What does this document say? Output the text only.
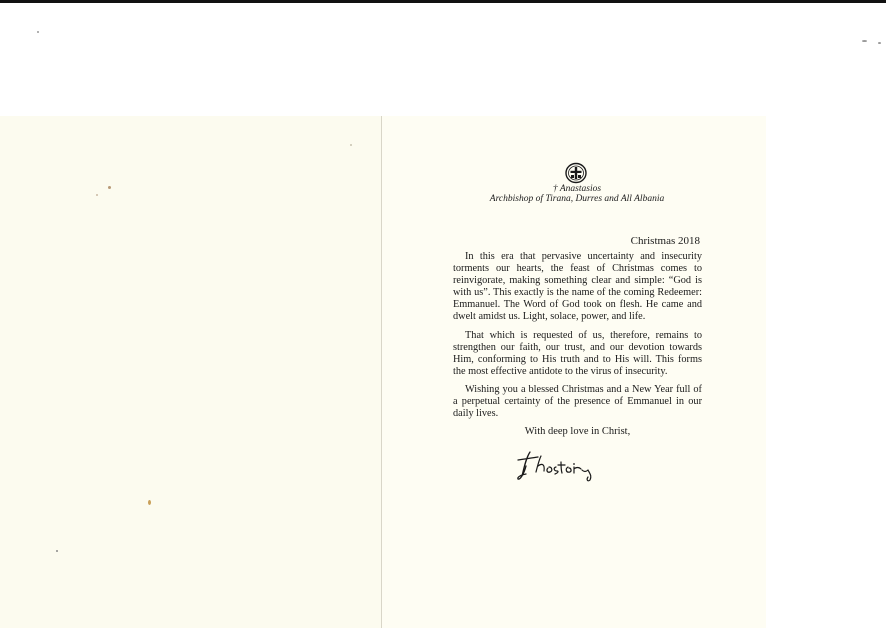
† Anastasios
Archbishop of Tirana, Durres and All Albania
Christmas 2018

In this era that pervasive uncertainty and insecurity torments our hearts, the feast of Christmas comes to reinvigorate, making something clear and simple: “God is with us”. This exactly is the name of the coming Redeemer: Emmanuel. The Word of God took on flesh. He came and dwelt amidst us. Light, solace, power, and life.

That which is requested of us, therefore, remains to strengthen our faith, our trust, and our devotion towards Him, conforming to His truth and to His will. This forms the most effective antidote to the virus of insecurity.

Wishing you a blessed Christmas and a New Year full of a perpetual certainty of the presence of Emmanuel in our daily lives.

With deep love in Christ,
